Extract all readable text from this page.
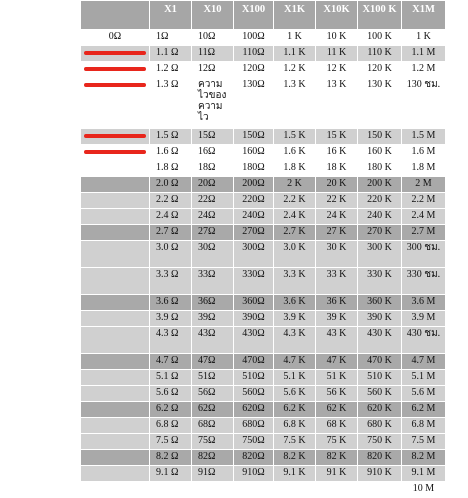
	X1	X10	X100	X1K	X10K	X100 K	X1M
0Ω	1Ω	10Ω	100Ω	1 K	10 K	100 K	1 K
	1.1 Ω	11Ω	110Ω	1.1 K	11 K	110 K	1.1 M
	1.2 Ω	12Ω	120Ω	1.2 K	12 K	120 K	1.2 M
	1.3 Ω	ความไวของความไว	130Ω	1.3 K	13 K	130 K	130 ชม.
	1.5 Ω	15Ω	150Ω	1.5 K	15 K	150 K	1.5 M
	1.6 Ω	16Ω	160Ω	1.6 K	16 K	160 K	1.6 M
	1.8 Ω	18Ω	180Ω	1.8 K	18 K	180 K	1.8 M
	2.0 Ω	20Ω	200Ω	2 K	20 K	200 K	2 M
	2.2 Ω	22Ω	220Ω	2.2 K	22 K	220 K	2.2 M
	2.4 Ω	24Ω	240Ω	2.4 K	24 K	240 K	2.4 M
	2.7 Ω	27Ω	270Ω	2.7 K	27 K	270 K	2.7 M
	3.0 Ω	30Ω	300Ω	3.0 K	30 K	300 K	300 ชม.
	3.3 Ω	33Ω	330Ω	3.3 K	33 K	330 K	330 ชม.
	3.6 Ω	36Ω	360Ω	3.6 K	36 K	360 K	3.6 M
	3.9 Ω	39Ω	390Ω	3.9 K	39 K	390 K	3.9 M
	4.3 Ω	43Ω	430Ω	4.3 K	43 K	430 K	430 ชม.
	4.7 Ω	47Ω	470Ω	4.7 K	47 K	470 K	4.7 M
	5.1 Ω	51Ω	510Ω	5.1 K	51 K	510 K	5.1 M
	5.6 Ω	56Ω	560Ω	5.6 K	56 K	560 K	5.6 M
	6.2 Ω	62Ω	620Ω	6.2 K	62 K	620 K	6.2 M
	6.8 Ω	68Ω	680Ω	6.8 K	68 K	680 K	6.8 M
	7.5 Ω	75Ω	750Ω	7.5 K	75 K	750 K	7.5 M
	8.2 Ω	82Ω	820Ω	8.2 K	82 K	820 K	8.2 M
	9.1 Ω	91Ω	910Ω	9.1 K	91 K	910 K	9.1 M
							10 M
